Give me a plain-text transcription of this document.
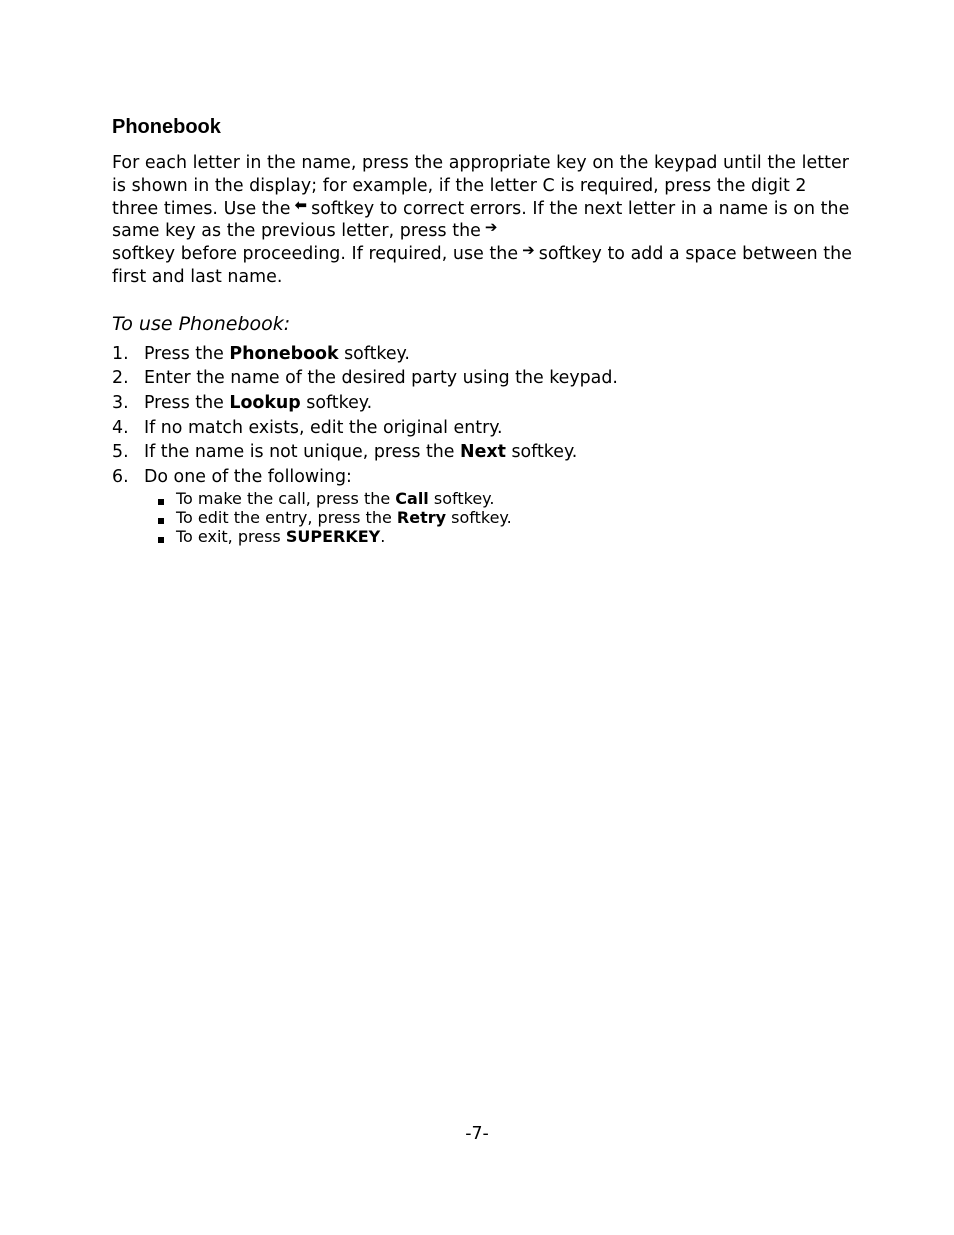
Phonebook

For each letter in the name, press the appropriate key on the keypad until the letter is shown in the display; for example, if the letter C is required, press the digit 2 three times. Use the ⬅ softkey to correct errors. If the next letter in a name is on the same key as the previous letter, press the ➔
softkey before proceeding. If required, use the ➔ softkey to add a space between the first and last name.

To use Phonebook:
1. Press the Phonebook softkey.
2. Enter the name of the desired party using the keypad.
3. Press the Lookup softkey.
4. If no match exists, edit the original entry.
5. If the name is not unique, press the Next softkey.
6. Do one of the following:
To make the call, press the Call softkey.
To edit the entry, press the Retry softkey.
To exit, press SUPERKEY.
-7-
